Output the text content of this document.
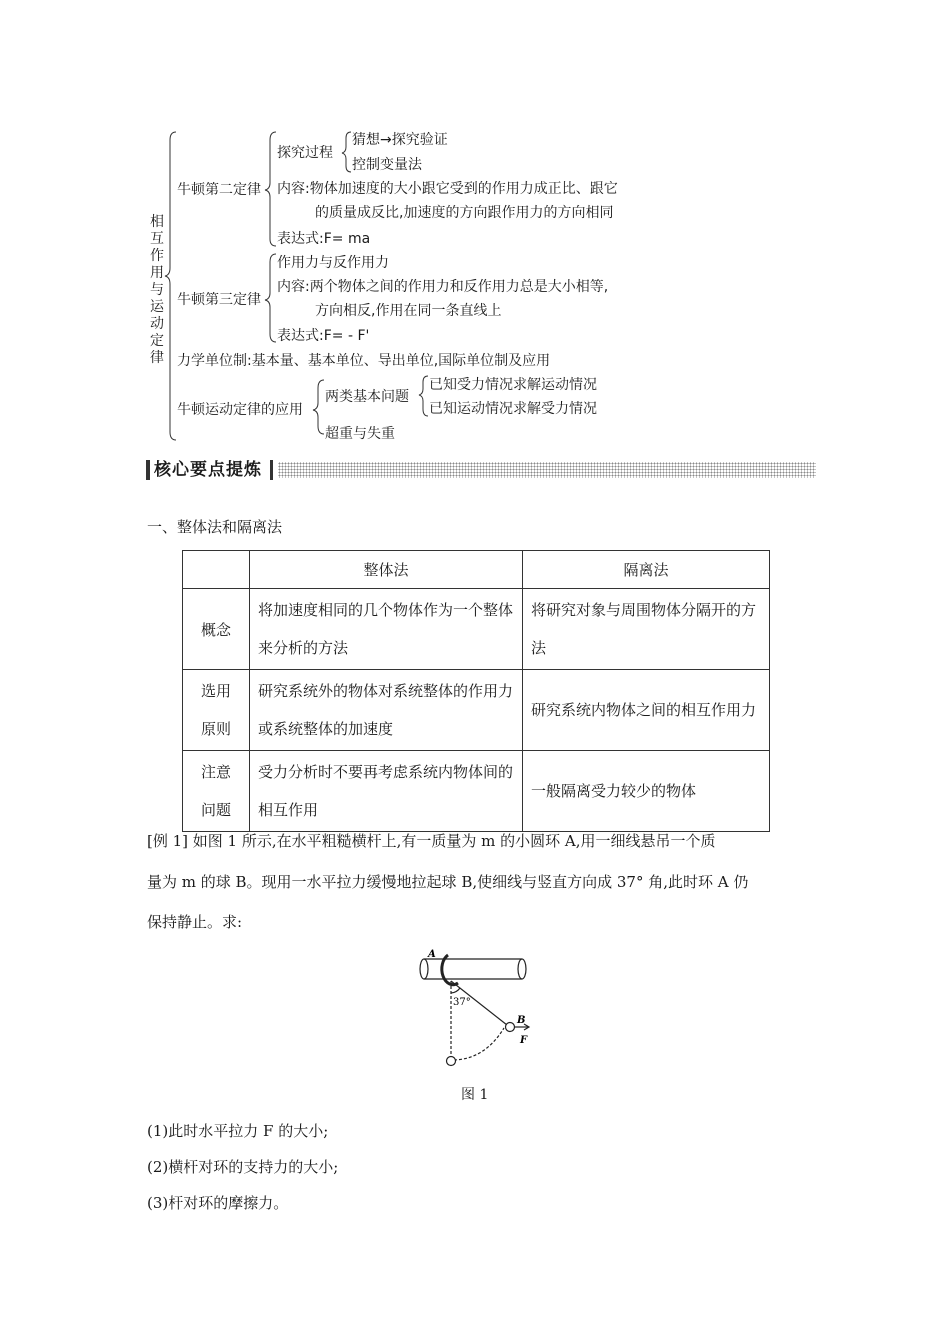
相
互
作
用
与
运
动
定
律
牛顿第二定律
探究过程
猜想→探究验证
控制变量法
内容:物体加速度的大小跟它受到的作用力成正比、跟它
的质量成反比,加速度的方向跟作用力的方向相同
表达式:F= ma
牛顿第三定律
作用力与反作用力
内容:两个物体之间的作用力和反作用力总是大小相等,
方向相反,作用在同一条直线上
表达式:F= - F'
力学单位制:基本量、基本单位、导出单位,国际单位制及应用
牛顿运动定律的应用
两类基本问题
已知受力情况求解运动情况
已知运动情况求解受力情况
超重与失重
核心要点提炼
一、整体法和隔离法
	整体法	隔离法

概念	将加速度相同的几个物体作为一个整体来分析的方法	将研究对象与周围物体分隔开的方法

选用原则	研究系统外的物体对系统整体的作用力或系统整体的加速度	研究系统内物体之间的相互作用力

注意问题	受力分析时不要再考虑系统内物体间的相互作用	一般隔离受力较少的物体
[例 1] 如图 1 所示,在水平粗糙横杆上,有一质量为 m 的小圆环 A,用一细线悬吊一个质
量为 m 的球 B。现用一水平拉力缓慢地拉起球 B,使细线与竖直方向成 37° 角,此时环 A 仍
保持静止。求:
A
37°
B
F
图 1
(1)此时水平拉力 F 的大小;
(2)横杆对环的支持力的大小;
(3)杆对环的摩擦力。
